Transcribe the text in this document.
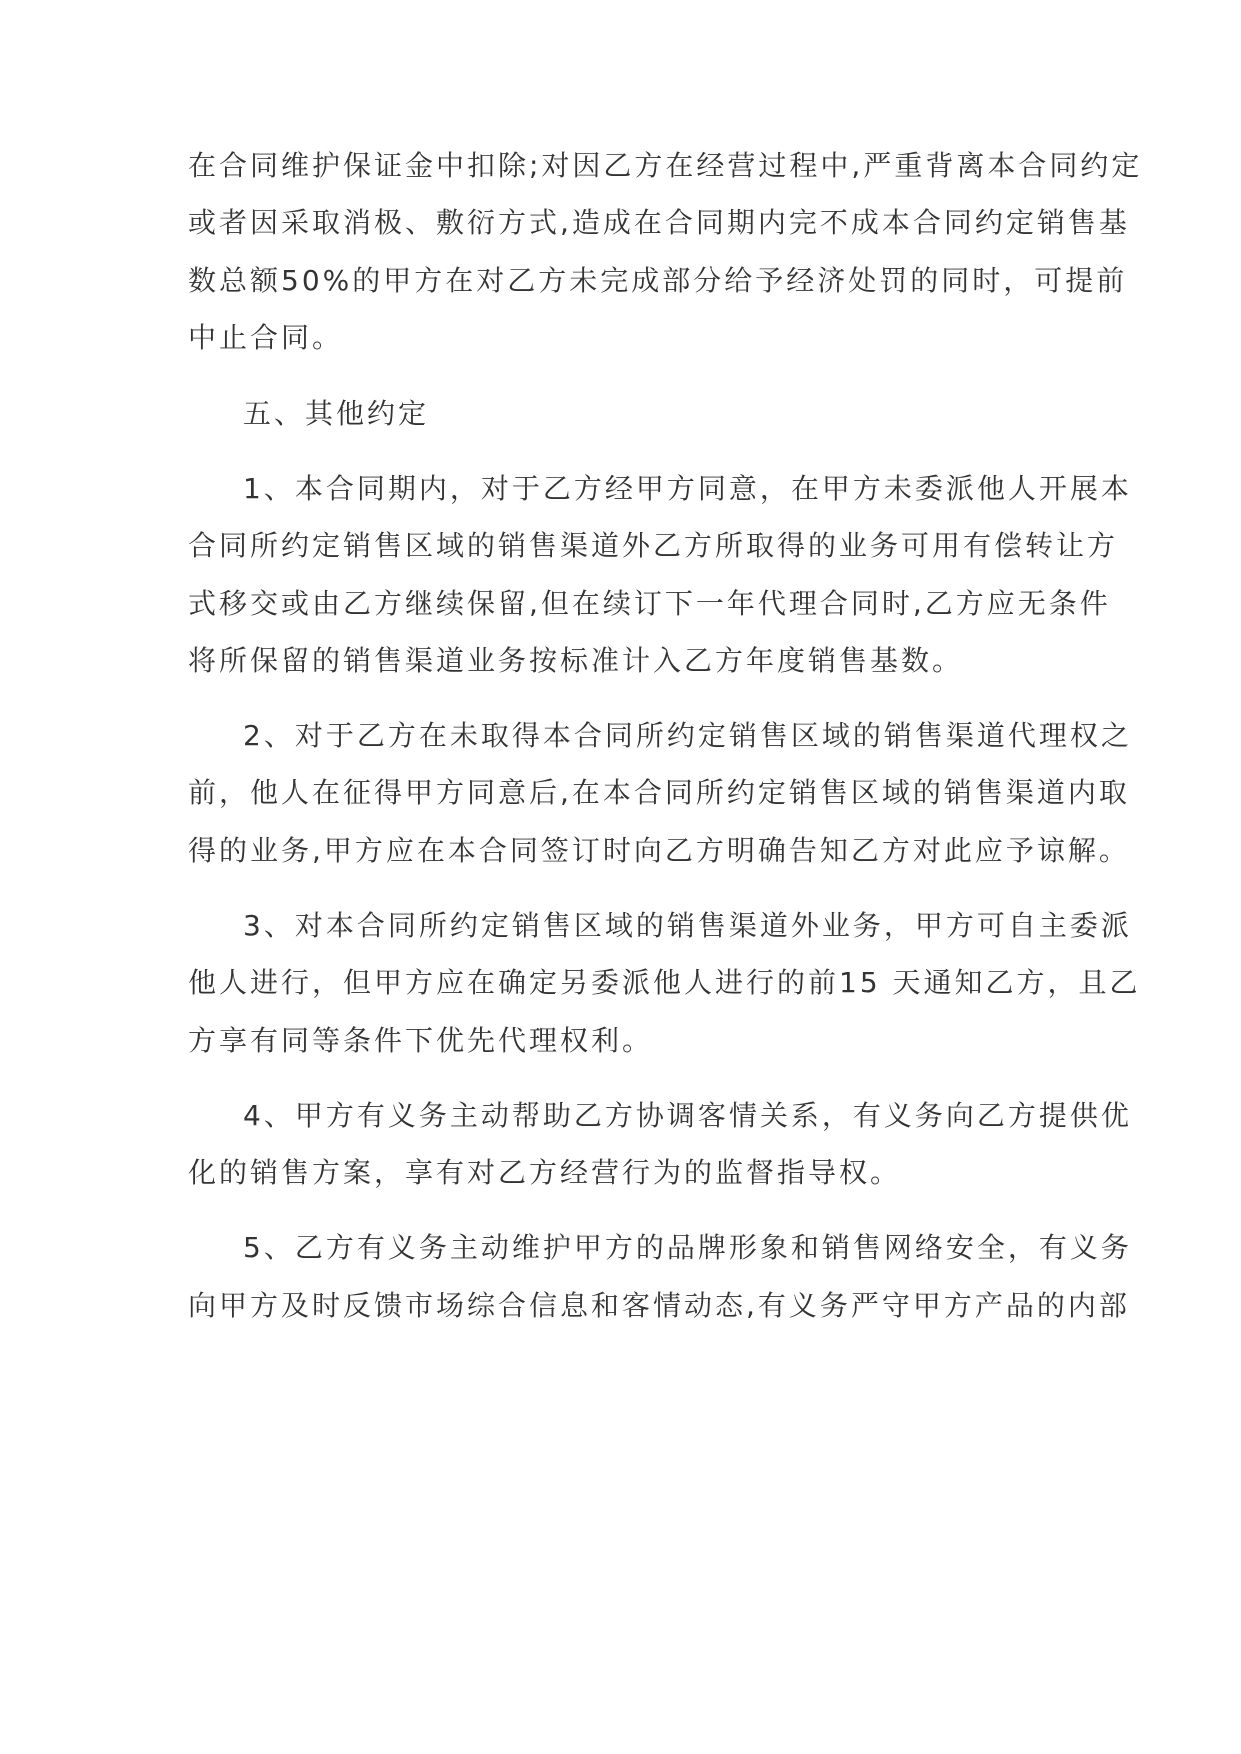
在合同维护保证金中扣除;对因乙方在经营过程中,严重背离本合同约定

或者因采取消极、敷衍方式,造成在合同期内完不成本合同约定销售基

数总额50%的甲方在对乙方未完成部分给予经济处罚的同时，可提前

中止合同。

五、其他约定

1、本合同期内，对于乙方经甲方同意，在甲方未委派他人开展本

合同所约定销售区域的销售渠道外乙方所取得的业务可用有偿转让方

式移交或由乙方继续保留,但在续订下一年代理合同时,乙方应无条件

将所保留的销售渠道业务按标准计入乙方年度销售基数。

2、对于乙方在未取得本合同所约定销售区域的销售渠道代理权之

前，他人在征得甲方同意后,在本合同所约定销售区域的销售渠道内取

得的业务,甲方应在本合同签订时向乙方明确告知乙方对此应予谅解。

3、对本合同所约定销售区域的销售渠道外业务，甲方可自主委派

他人进行，但甲方应在确定另委派他人进行的前15 天通知乙方，且乙

方享有同等条件下优先代理权利。

4、甲方有义务主动帮助乙方协调客情关系，有义务向乙方提供优

化的销售方案，享有对乙方经营行为的监督指导权。

5、乙方有义务主动维护甲方的品牌形象和销售网络安全，有义务

向甲方及时反馈市场综合信息和客情动态,有义务严守甲方产品的内部
